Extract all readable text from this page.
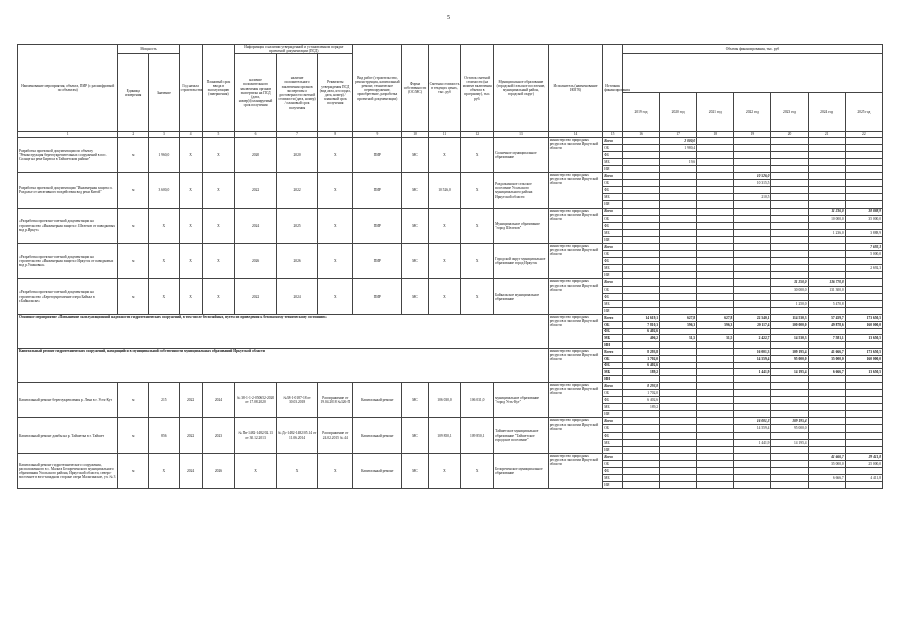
5
Наименование мероприятия, объекта, ПИР (с расшифровкой по объектам)	Мощность		Год начала строительства	Плановый срок ввода в эксплуатацию (завершения)	Информация о наличии утвержденной и установленном порядке проектной документации (ПСД)			Вид работ (строительство, реконструкция, капитальный ремонт, техническое перевооружение, приобретение, разработка проектной документации)	Форма собственности (ОС/МС)	Сметная стоимость в текущих ценах, тыс. руб	Остаток сметной стоимости (на момент включения объекта в программу), тыс. руб.	Муниципальное образование (городской/сельское поселение, муниципальный район, городской округ)	Исполнитель (наименование ИОГВ)	Источник финансирования	Объемы финансирования, тыс. руб						
	Единица измерения	Значение			наличие положительного заключения органов экспертизы на ПСД (дата, номер)/(планируемый срок получения	наличие положительного заключения органов экспертизы о достоверности сметной стоимости (дата, номер) / плановый срок получения	Реквизиты утверждения ПСД (вид акта, кто издал, дата, номер) / плановый срок получения														
															2019 год	2020 год	2021 год	2022 год	2023 год	2024 год	2025 год
1	2	3	4	5	6	7	8	9	10	11	12	13	14	15	16	17	18	19	20	21	22
Разработка проектной документации по объекту "Реконструкция берегоукрепительных сооружений в пос. Солнце на реке Бирюса в Тайшетском районе"	м	1 960,0	Х	Х	2020	2020	Х	ПИР	МС	Х	Х	Солнечное муниципальное образование	министерство природных ресурсов и экологии Иркутской области	Всего		2 000,0					
														ОБ		1 980,4					
														ФБ							
														МБ		19,6					
														ИИ							
Разработка проектной документации "Инженерная защита п. Раздолье от негативного воздействия вод реки Китой"	м	3 600,0	Х	Х	2022	2022	Х	ПИР	МС	10 526,0	Х	Раздольинское сельское поселение Усольского муниципального района Иркутской области	министерство природных ресурсов и экологии Иркутской области	Всего				10 526,0			
														ОБ				10 315,5			
														ФБ							
														МБ				210,5			
														ИИ							
«Разработка проектно-сметной документации на строительство «Инженерная защита г. Шелехов от паводковых вод р.Иркут»	м	Х	Х	Х	2024	2025	Х	ПИР	МС	Х	Х	Муниципальное образование "город Шелехов"	министерство природных ресурсов и экологии Иркутской области	Всего						11 236,0	38 888,9
														ОБ						10 000,0	35 000,0
														ФБ							
														МБ						1 236,0	3 888,9
														ИИ							
«Разработка проектно-сметной документации на строительство «Инженерная защита г.Иркутск от паводковых вод р.Ушаковка»	м	Х	Х	Х	2026	2026	Х	ПИР	МС	Х	Х	Городской округ муниципальное образование город Иркутск	министерство природных ресурсов и экологии Иркутской области	Всего							7 692,3
														ОБ							5 000,0
														ФБ							
														МБ							2 692,3
														ИИ							
«Разработка проектно-сметной документации на строительство «Берегоукрепление озера Байкал в г.Байкальске»	м	Х	Х	Х	2022	2024	Х	ПИР	МС	Х	Х	Байкальское муниципальное образование	министерство природных ресурсов и экологии Иркутской области	Всего					31 250,0	136 770,8	
														ОБ					30 000,0	131 300,0	
														ФБ							
														МБ					1 250,0	5 470,8	
														ИИ							
Основное мероприятие «Повышение эксплуатационной надежности гидротехнических сооружений, в том числе бесхозяйных, путем их приведения к безопасному техническому состоянию»													министерство природных ресурсов и экологии Иркутской области	Всего	14 619,1	627,8	627,8	22 540,1	114 530,3	57 459,7	173 650,5
														ОБ	7 810,3	596,3	596,3	20 117,4	100 000,0	49 878,6	160 000,0
														ФБ	6 402,6						
														МБ	406,2	31,5	31,5	2 422,7	14 530,3	7 581,1	13 650,5
														ИИ							
Капитальный ремонт гидротехнических сооружений, находящийся в муниципальной собственности муниципальных образований Иркутской области													министерство природных ресурсов и экологии Иркутской области	Всего	8 293,8			16 001,3	109 195,4	41 666,7	173 650,5
														ОБ	1 702,0			14 559,4	95 000,0	35 000,0	160 000,0
														ФБ	6 402,6						
														МБ	189,2			1 441,9	14 195,4	6 666,7	13 650,5
														ИИ							
Капитальный ремонт берегоукрепления р. Лена в г. Усть-Кут	м	215	2022	2024	№ 38-1-1-2-050652-2020 от 17.08.2020	№38-1-0187-18 от 30.03.2018	Распоряжение от 19.04.2018 №326-П	Капитальный ремонт	МС	106 030,0	106 031,0	муниципальное образование "город Усть-Кут"	министерство природных ресурсов и экологии Иркутской области	Всего	8 293,8						
														ОБ	1 702,0						
														ФБ	6 402,6						
														МБ	189,2						
														ИИ							
Капитальный ремонт дамбы на р. Тайшетка в г. Тайшет	м	856	2022	2023	№ Пв-1482-1482/02.13 от 30.12.2013	№ Дс-1482-1482/05.14 от 11.06.2014	Распоряжение от 24.02.2015 № 44	Капитальный ремонт	МС	109 850,1	109 850,1	Тайшетское муниципальное образование "Тайшетское городское поселение"	министерство природных ресурсов и экологии Иркутской области	Всего				16 001,3	109 195,4		
														ОБ				14 559,4	95 000,0		
														ФБ							
														МБ				1 441,9	14 195,4		
														ИИ							
Капитальный ремонт гидротехнического сооружения, расположенного в с. Мальта Белореченского муниципального образования Усольского района, Иркутской области, северо-восточнее в юго-западном стороне озера Мальтинское, уч. № 3	м	Х	2024	2026	Х	Х	Х	Капитальный ремонт	МС	Х	Х	Белореченское муниципальное образование	министерство природных ресурсов и экологии Иркутской области	Всего						41 666,7	29 411,8
														ОБ						35 000,0	25 000,0
														ФБ							
														МБ						6 666,7	4 411,8
														ИИ							
